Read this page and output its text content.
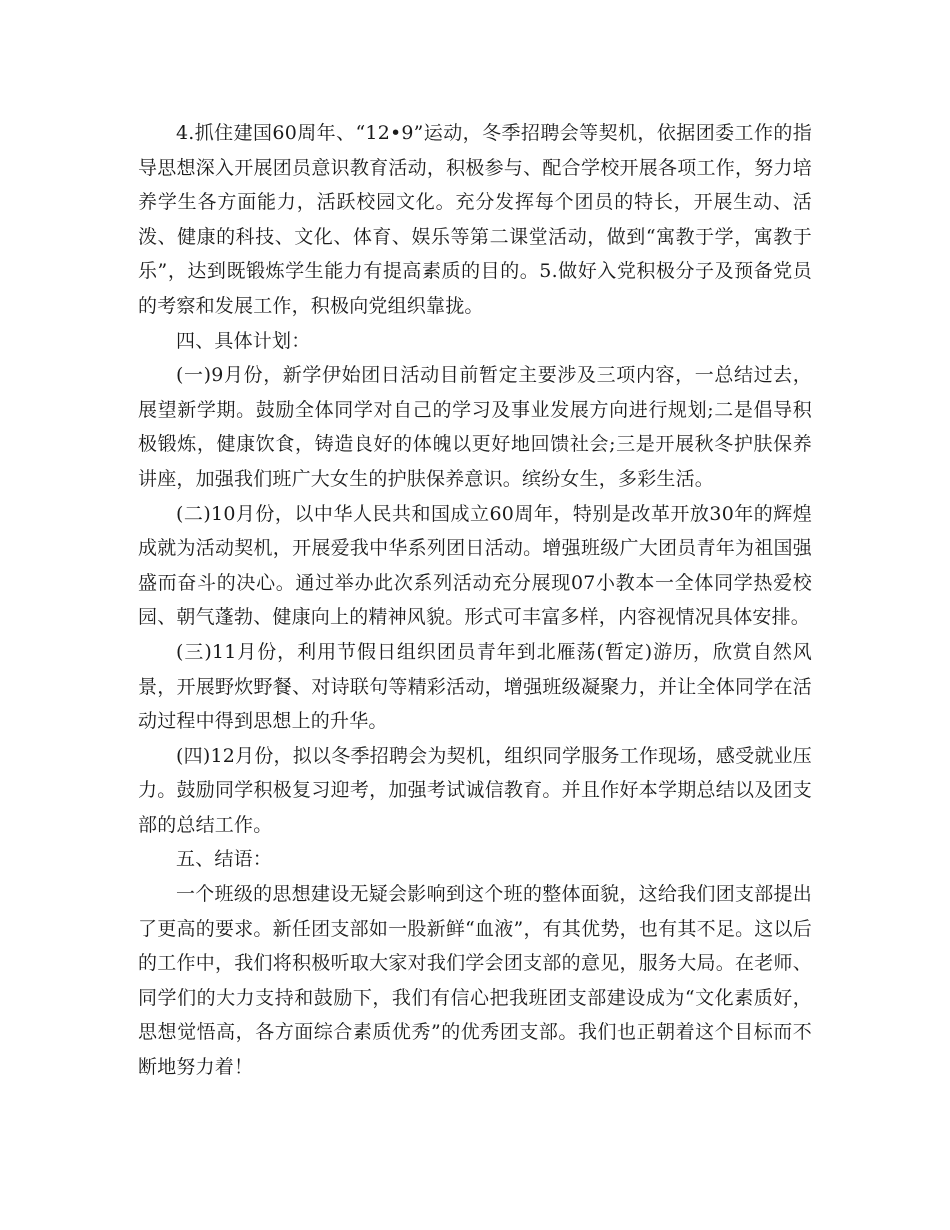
4.抓住建国60周年、“12•9”运动，冬季招聘会等契机，依据团委工作的指导思想深入开展团员意识教育活动，积极参与、配合学校开展各项工作，努力培养学生各方面能力，活跃校园文化。充分发挥每个团员的特长，开展生动、活泼、健康的科技、文化、体育、娱乐等第二课堂活动，做到“寓教于学，寓教于乐”，达到既锻炼学生能力有提高素质的目的。5.做好入党积极分子及预备党员的考察和发展工作，积极向党组织靠拢。

四、具体计划：

(一)9月份，新学伊始团日活动目前暂定主要涉及三项内容，一总结过去，展望新学期。鼓励全体同学对自己的学习及事业发展方向进行规划;二是倡导积极锻炼，健康饮食，铸造良好的体魄以更好地回馈社会;三是开展秋冬护肤保养讲座，加强我们班广大女生的护肤保养意识。缤纷女生，多彩生活。

(二)10月份，以中华人民共和国成立60周年，特别是改革开放30年的辉煌成就为活动契机，开展爱我中华系列团日活动。增强班级广大团员青年为祖国强盛而奋斗的决心。通过举办此次系列活动充分展现07小教本一全体同学热爱校园、朝气蓬勃、健康向上的精神风貌。形式可丰富多样，内容视情况具体安排。

(三)11月份，利用节假日组织团员青年到北雁荡(暂定)游历，欣赏自然风景，开展野炊野餐、对诗联句等精彩活动，增强班级凝聚力，并让全体同学在活动过程中得到思想上的升华。

(四)12月份，拟以冬季招聘会为契机，组织同学服务工作现场，感受就业压力。鼓励同学积极复习迎考，加强考试诚信教育。并且作好本学期总结以及团支部的总结工作。

五、结语：

一个班级的思想建设无疑会影响到这个班的整体面貌，这给我们团支部提出了更高的要求。新任团支部如一股新鲜“血液”，有其优势，也有其不足。这以后的工作中，我们将积极听取大家对我们学会团支部的意见，服务大局。在老师、同学们的大力支持和鼓励下，我们有信心把我班团支部建设成为“文化素质好，思想觉悟高，各方面综合素质优秀”的优秀团支部。我们也正朝着这个目标而不断地努力着！
